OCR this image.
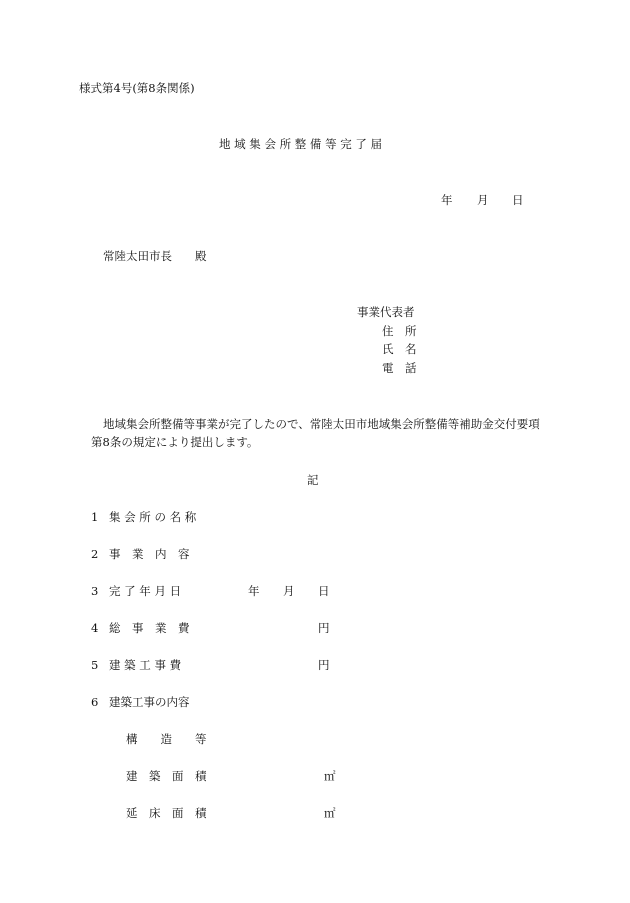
様式第4号(第8条関係)
地 域 集 会 所 整 備 等 完 了 届
年 月 日
常陸太田市長 殿
事業代表者
住　所
氏　名
電　話
地域集会所整備等事業が完了したので、常陸太田市地域集会所整備等補助金交付要項
第8条の規定により提出します。
記
1 集 会 所 の 名 称
2 事　業　内　容
3 完 了 年 月 日	年 月 日
4 総　事　業　費	円
5 建 築 工 事 費	円
6 建築工事の内容
構　　造　　等
建　築　面　積	㎡
延　床　面　積	㎡
